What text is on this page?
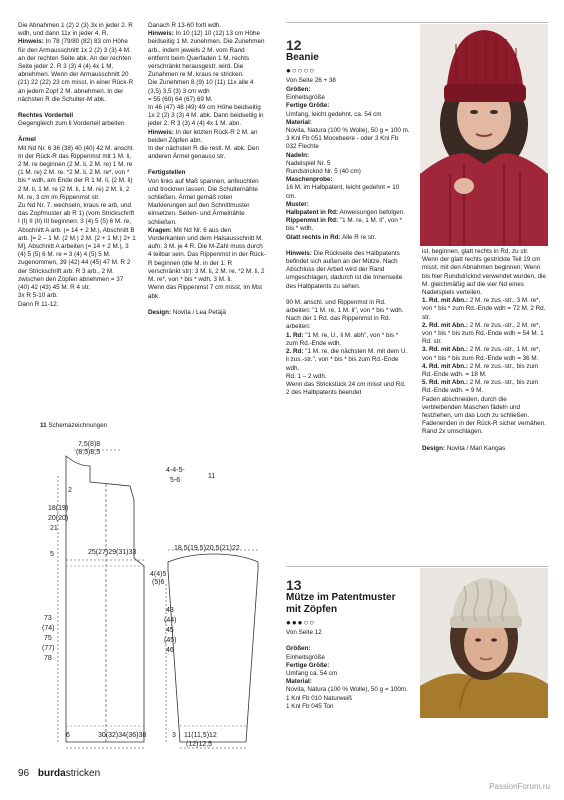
Die Abnahmen 1 (2) 2 (3) 3x in jeder 2. R wdh, und dann 11x in jeder 4. R.

Hinweis: In 78 (79/80 (82) 83 cm Höhe für den Armausschnitt 1x 2 (2) 3 (3) 4 M. an der rechten Seite abk. An der rechten Seite jeder 2. R 3 (3) 4 (4) 4x 1 M. abnehmen. Wenn der Armausschnitt 20 (21) 22 (22) 23 cm misst, in einer Rück-R an jedem Zopf 2 M. abnehmen. In der nächsten R die Schulter-M abk.

Rechtes Vorderteil

Gegengleich zum li Vorderteil arbeiten.

Ärmel

Mit Nd Nr. 6 36 (38) 40 (40) 42 M. anschl.
In der Rück-R das Rippenmst mit 1 M. li, 2 M. re beginnen (2 M. li, 2 M. re) 1 M. re (1 M. re) 2 M. re. *2 M. li, 2 M. re*, von * bis * wdh, am Ende der R 1 M. li, (2 M. li) 2 M. li, 1 M. re (2 M. li, 1 M. re) 2 M. li, 2 M. re, 3 cm im Rippenmst str.
Zu Nd Nr. 7. wechseln, kraus re arb, und das Zopfmuster ab R 1) (vom Strickschrift I (I) II (II) III beginnen: 3 (4) 5 (5) 6 M. re, Abschnitt A arb. (= 14 + 2 M.), Abschnitt B arb. [= 2 – 1 M. (2 M.) 2 M. (2 + 1 M.) 2+ 1 M], Abschnitt A arbeiten (= 14 + 2 M.), 3 (4) 5 (5) 6 M. re = 3 (4) 4 (5) 5 M. zugenommen, 39 (42) 44 (45) 47 M. R 2 der Strickschrift arb. R 3 arb., 2 M. zwischen den Zöpfen abnehmen = 37 (40) 42 (43) 45 M. R 4 str.
3x R 5-10 arb.
Dann R 11-12.

Danach R 13-60 fortl wdh.

Hinweis: In 10 (12) 10 (12) 13 cm Höhe beidseitig 1 M. zunehmen. Die Zunehmen arb., indem jeweils 2 M. vom Rand entfernt beim Querfaden 1 M. rechts verschränkt herausgestr. wird. Die Zunahmen re M. kraus re stricken.
Die Zunehmen 8 (9) 10 (11) 11x alle 4 (3,5) 3,5 (3) 3 cm wdh
= 55 (60) 64 (67) 69 M.
In 46 (47) 48 (49) 49 cm Höhe beidseitig 1x 2 (2) 3 (3) 4 M. abk. Dann beidseitig in jeder 2. R 3 (3) 4 (4) 4x 1 M. abn.

Hinweis: In der letzten Rück-R 2 M. an beiden Zöpfen abn.
In der nächsten R die restl. M. abk. Den anderen Ärmel genauso str.

Fertigstellen

Von links auf Maß spannen, anfeuchten und trocknen lassen. Die Schulternähte schließen. Ärmel gemäß roten Markierungen auf den Schnittmuster einsetzen. Seiten- und Ärmelnähte schließen.

Kragen: Mit Nd Nr. 6 aus den Vorderkanten und dem Halsausschnitt M. aufn: 3 M. je 4 R. Die M-Zahl muss durch 4 teilbar sein. Das Rippenmst in der Rück-R beginnen (die M. in der 1. R verschränkt str): 3 M. li, 2 M. re, *2 M. li, 2 M. re*, von * bis * wdh, 3 M. li.
Wenn das Rippenmst 7 cm misst, im Mst abk.

Design: Novita / Lea Petäjä

12
Beanie
●○○○○

Von Seite 26 + 38

Größen:

Einheitsgröße

Fertige Größe:

Umfang, leicht gedehnt, ca. 54 cm

Material:

Novita, Natura (100 % Wolle), 50 g = 100 m.
3 Knl Fb 051 Mocebeere - oder 3 Knl Fb 032 Flechte

Nadeln:

Nadelspiel Nr. 5
Rundstricknd Nr. 5 (40 cm)

Maschenprobe:

16 M. im Halbpatent, leicht gedehnt = 10 cm.

Muster:

Halbpatent in Rd: Anweisungen befolgen.

Rippenmst in Rd: "1 M. re, 1 M. li", von * bis * wdh.

Glatt rechts in Rd: Alle R re str.

Hinweis: Die Rückseite des Halbpatents befindet sich außen an der Mütze. Nach Abschluss der Arbeit wird der Rand umgeschlagen, dadurch ist die Innenseite des Halbpatents zu sehen.

90 M. anschl. und Rippenmst in Rd. arbeiten: "1 M. re, 1 M. li", von * bis * wdh. Nach der 1 Rd. das Rippenmst in Rd. arbeiten:

1. Rd: "1 M. re, U., li M. abh", von * bis * zum Rd.-Ende wdh.

2. Rd: "1 M. re, die nächsten M. mit dem U. li zus.-str.", von * bis * bis zum Rd.-Ende wdh.
Rd. 1 – 2 wdh.
Wenn das Strickstück 24 cm misst und Rd. 2 des Halbpatents beendet

ist, beginnen, glatt rechts in Rd. zu str. Wenn der glatt rechts gestrickte Teil 19 cm misst, mit den Abnahmen beginnen: Wenn bis hier Rundstricknd verwendet wurden, die M. gleichmäßig auf die vier Nd eines Nadelspiels verteilen.

1. Rd. mit Abn.: 2 M. re zus.-str., 3 M. re*, von * bis * zum Rd.-Ende wdh = 72 M. 2 Rd. str.

2. Rd. mit Abn.: 2 M. re zus.-str., 2 M. re*, von * bis * bis zum Rd.-Ende wdh = 54 M. 1 Rd. str.

3. Rd. mit Abn.: 2 M. re zus.-str., 1 M. re*, von * bis * bis zum Rd.-Ende wdh = 36 M.

4. Rd. mit Abn.: 2 M. re zus.-str., bis zum Rd.-Ende wdh. = 18 M.

5. Rd. mit Abn.: 2 M. re zus.-str., bis zum Rd.-Ende wdh. = 9 M.

Faden abschneiden, durch die verbleibenden Maschen fädeln und festziehen, um das Loch zu schließen. Fadenenden in der Rück-R sicher vernähen.
Rand 2x umschlagen.

Design: Novita / Mari Kangas

13
Mütze im Patentmuster mit Zöpfen
●●●○○

Von Seite 12

Größen:

Einheitsgröße

Fertige Größe:

Umfang ca. 54 cm

Material:

Novita, Natura (100 % Wolle), 50 g = 100m.
1 Knl Fb 010 Naturweiß
1 Knl Fb 045 Ton

11 Schemazeichnungen

7,5(8)8
(8,5)8,5
2
18(19)
20(20)
21
5	25(27)29(31)33
73
(74)
75
(77)
78
6	30(32)34(36)38
4-4-5-
5-6
11
18,5(19,5)20,5(21)22
4(4)5
(5)6
43
(44)
45
(45)
46
3 11(11,5)12
(12)12,5
96 burdastricken
PassionForum.ru
